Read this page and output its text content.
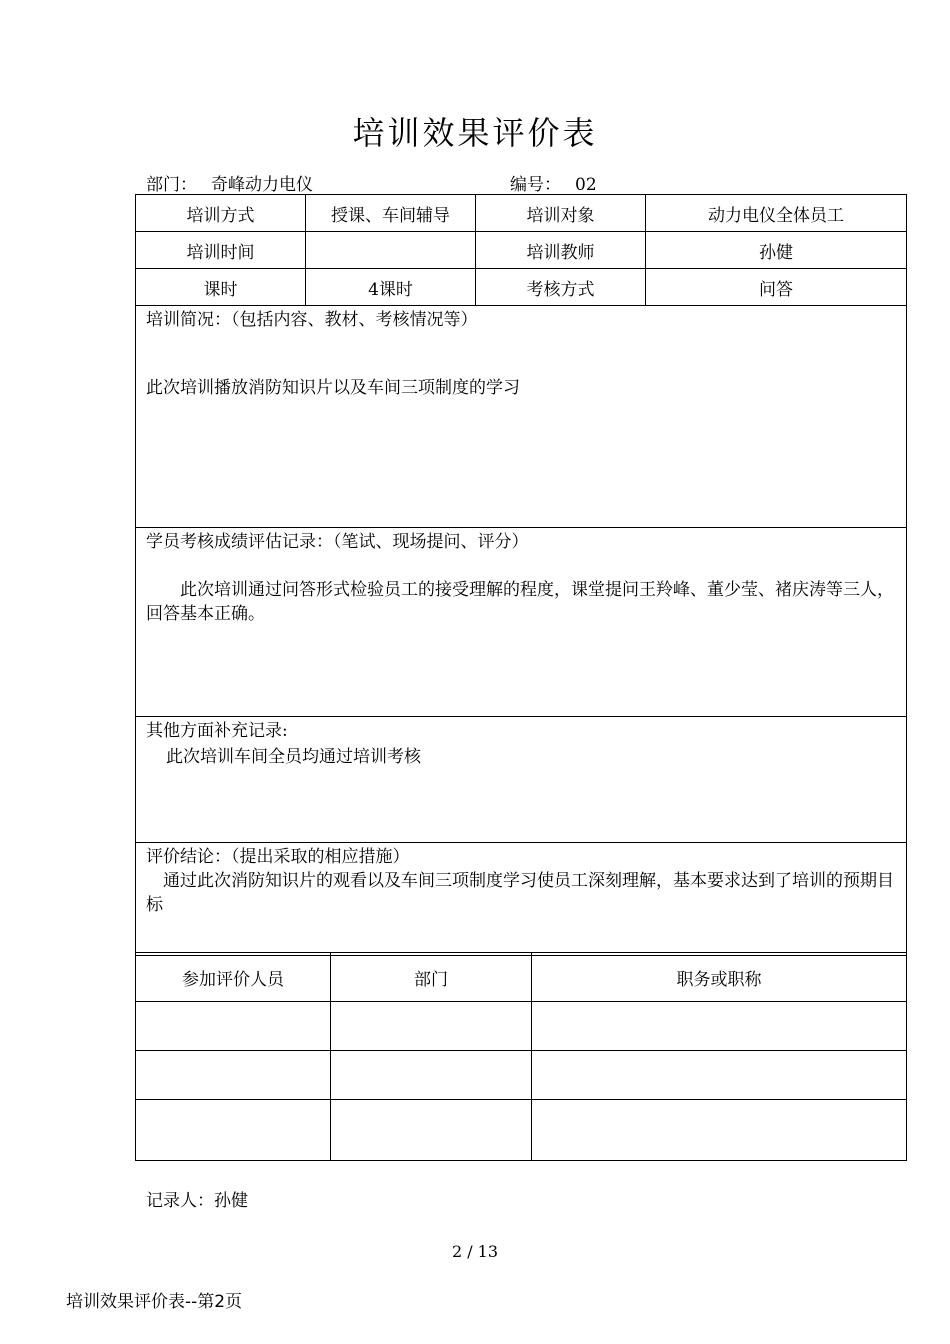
培训效果评价表
部门： 奇峰动力电仪	编号： 02
培训方式	授课、车间辅导	培训对象	动力电仪全体员工
培训时间		培训教师	孙健
课时	4课时	考核方式	问答

培训简况：（包括内容、教材、考核情况等）
此次培训播放消防知识片以及车间三项制度的学习			

学员考核成绩评估记录：（笔试、现场提问、评分）
此次培训通过问答形式检验员工的接受理解的程度，课堂提问王羚峰、董少莹、褚庆涛等三人，回答基本正确。			

其他方面补充记录:
此次培训车间全员均通过培训考核			

评价结论：（提出采取的相应措施）
通过此次消防知识片的观看以及车间三项制度学习使员工深刻理解，基本要求达到了培训的预期目标			
参加评价人员	部门	职务或职称

记录人：孙健
2 / 13
培训效果评价表--第2页
